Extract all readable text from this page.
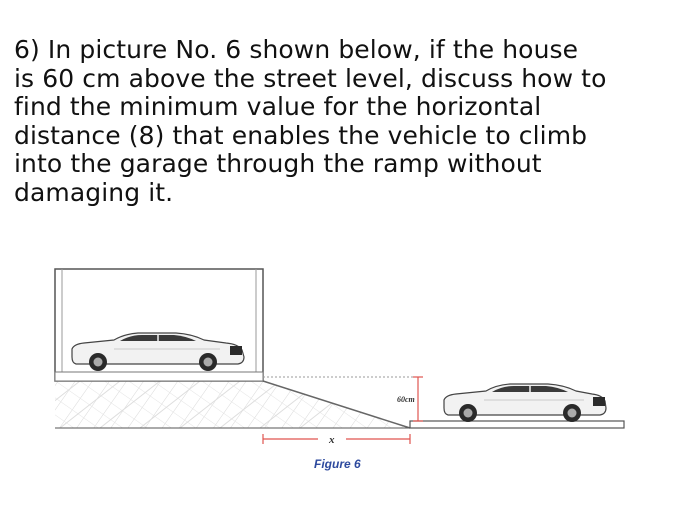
6) In picture No. 6 shown below, if the house
is 60 cm above the street level, discuss how to
find the minimum value for the horizontal
distance (8) that enables the vehicle to climb
into the garage through the ramp without
damaging it.
60cm
x
Figure 6
